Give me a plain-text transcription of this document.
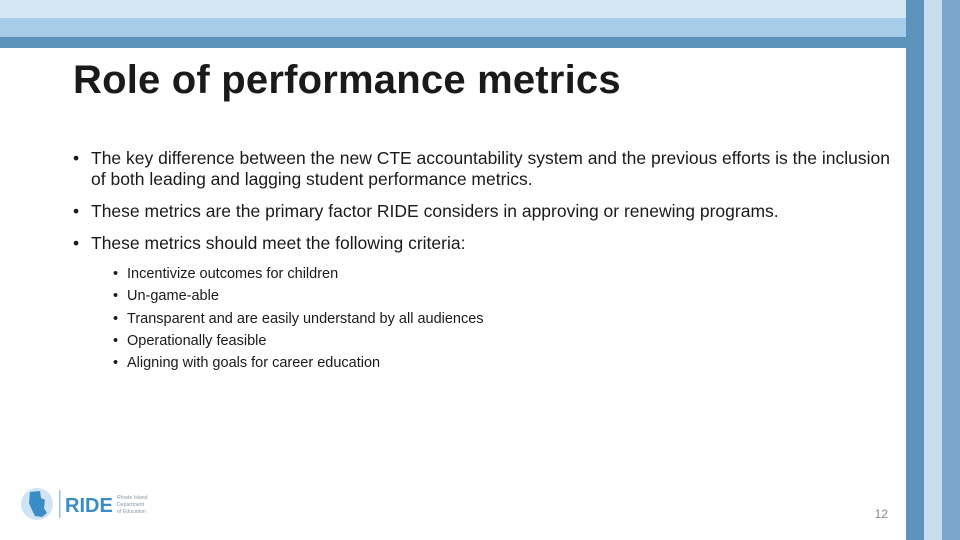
Role of performance metrics
• The key difference between the new CTE accountability system and the previous efforts is the inclusion of both leading and lagging student performance metrics.
• These metrics are the primary factor RIDE considers in approving or renewing programs.
• These metrics should meet the following criteria:
• Incentivize outcomes for children
• Un-game-able
• Transparent and are easily understand by all audiences
• Operationally feasible
• Aligning with goals for career education
RIDE Rhode Island
Department
of Education	12
